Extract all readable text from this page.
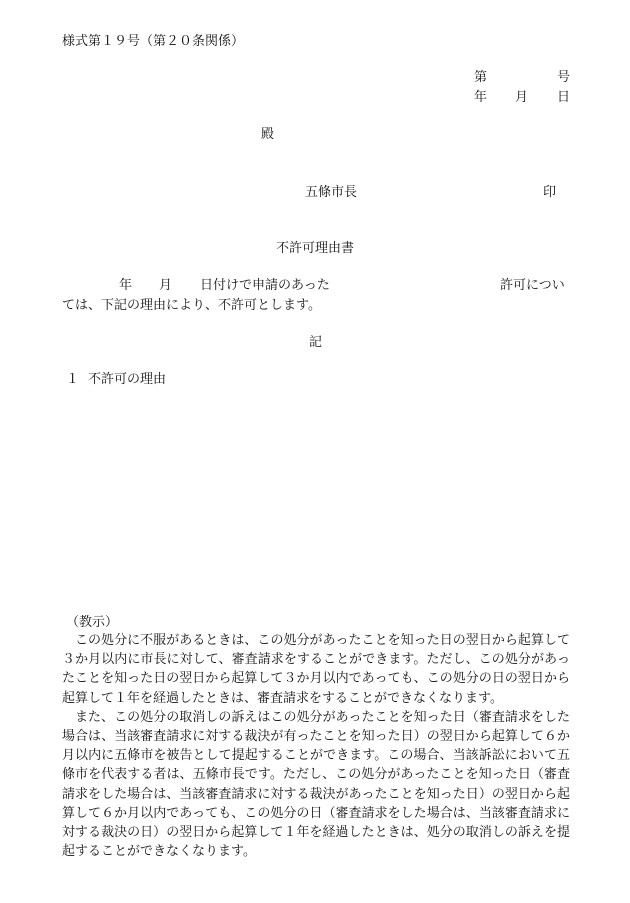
様式第１９号（第２０条関係）
第	号
年 月 日
殿
五條市長	印
不許可理由書
年 月 日付けで申請のあった	許可につい
ては、下記の理由により、不許可とします。
記
１ 不許可の理由
（教示）

この処分に不服があるときは、この処分があったことを知った日の翌日から起算して３か月以内に市長に対して、審査請求をすることができます。ただし、この処分があったことを知った日の翌日から起算して３か月以内であっても、この処分の日の翌日から起算して１年を経過したときは、審査請求をすることができなくなります。

また、この処分の取消しの訴えはこの処分があったことを知った日（審査請求をした場合は、当該審査請求に対する裁決が有ったことを知った日）の翌日から起算して６か月以内に五條市を被告として提起することができます。この場合、当該訴訟において五條市を代表する者は、五條市長です。ただし、この処分があったことを知った日（審査請求をした場合は、当該審査請求に対する裁決があったことを知った日）の翌日から起算して６か月以内であっても、この処分の日（審査請求をした場合は、当該審査請求に対する裁決の日）の翌日から起算して１年を経過したときは、処分の取消しの訴えを提起することができなくなります。
